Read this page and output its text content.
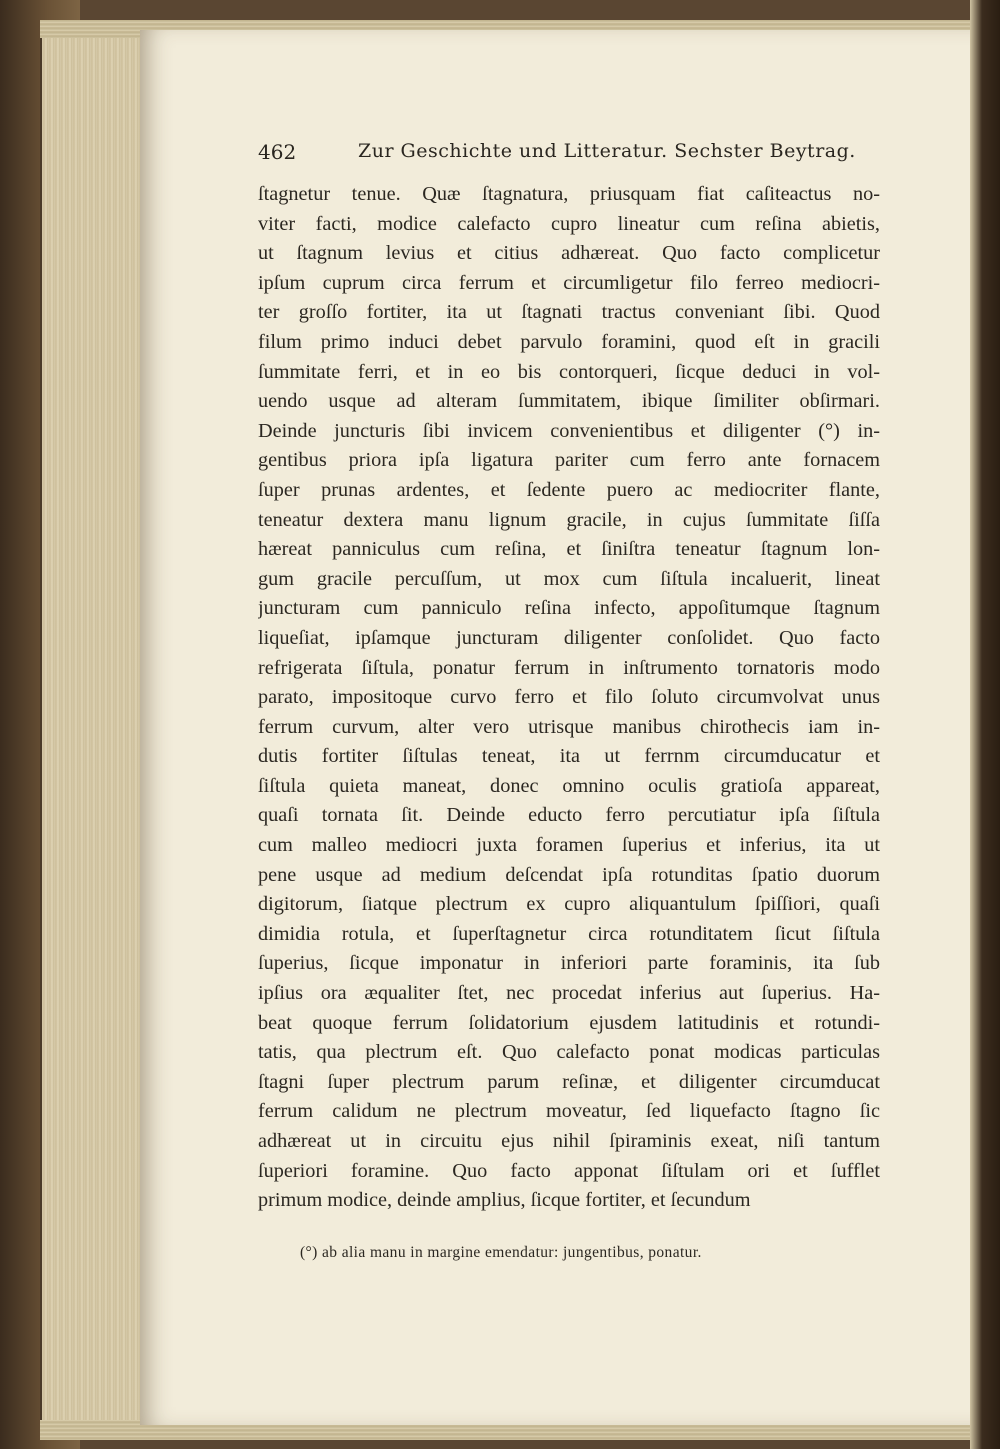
462	Zur Geschichte und Litteratur. Sechster Beytrag.
ſtagnetur tenue. Quæ ſtagnatura, priusquam fiat caſiteactus no-
viter facti, modice calefacto cupro lineatur cum reſina abietis,
ut ſtagnum levius et citius adhæreat. Quo facto complicetur
ipſum cuprum circa ferrum et circumligetur filo ferreo mediocri-
ter groſſo fortiter, ita ut ſtagnati tractus conveniant ſibi. Quod
filum primo induci debet parvulo foramini, quod eſt in gracili
ſummitate ferri, et in eo bis contorqueri, ſicque deduci in vol-
uendo usque ad alteram ſummitatem, ibique ſimiliter obſirmari.
Deinde juncturis ſibi invicem convenientibus et diligenter (°) in-
gentibus priora ipſa ligatura pariter cum ferro ante fornacem
ſuper prunas ardentes, et ſedente puero ac mediocriter flante,
teneatur dextera manu lignum gracile, in cujus ſummitate ſiſſa
hæreat panniculus cum reſina, et ſiniſtra teneatur ſtagnum lon-
gum gracile percuſſum, ut mox cum ſiſtula incaluerit, lineat
juncturam cum panniculo reſina infecto, appoſitumque ſtagnum
liqueſiat, ipſamque juncturam diligenter conſolidet. Quo facto
refrigerata ſiſtula, ponatur ferrum in inſtrumento tornatoris modo
parato, impositoque curvo ferro et filo ſoluto circumvolvat unus
ferrum curvum, alter vero utrisque manibus chirothecis iam in-
dutis fortiter ſiſtulas teneat, ita ut ferrnm circumducatur et
ſiſtula quieta maneat, donec omnino oculis gratioſa appareat,
quaſi tornata ſit. Deinde educto ferro percutiatur ipſa ſiſtula
cum malleo mediocri juxta foramen ſuperius et inferius, ita ut
pene usque ad medium deſcendat ipſa rotunditas ſpatio duorum
digitorum, ſiatque plectrum ex cupro aliquantulum ſpiſſiori, quaſi
dimidia rotula, et ſuperſtagnetur circa rotunditatem ſicut ſiſtula
ſuperius, ſicque imponatur in inferiori parte foraminis, ita ſub
ipſius ora æqualiter ſtet, nec procedat inferius aut ſuperius. Ha-
beat quoque ferrum ſolidatorium ejusdem latitudinis et rotundi-
tatis, qua plectrum eſt. Quo calefacto ponat modicas particulas
ſtagni ſuper plectrum parum reſinæ, et diligenter circumducat
ferrum calidum ne plectrum moveatur, ſed liquefacto ſtagno ſic
adhæreat ut in circuitu ejus nihil ſpiraminis exeat, niſi tantum
ſuperiori foramine. Quo facto apponat ſiſtulam ori et ſufflet
primum modice, deinde amplius, ſicque fortiter, et ſecundum
(°) ab alia manu in margine emendatur: jungentibus, ponatur.
